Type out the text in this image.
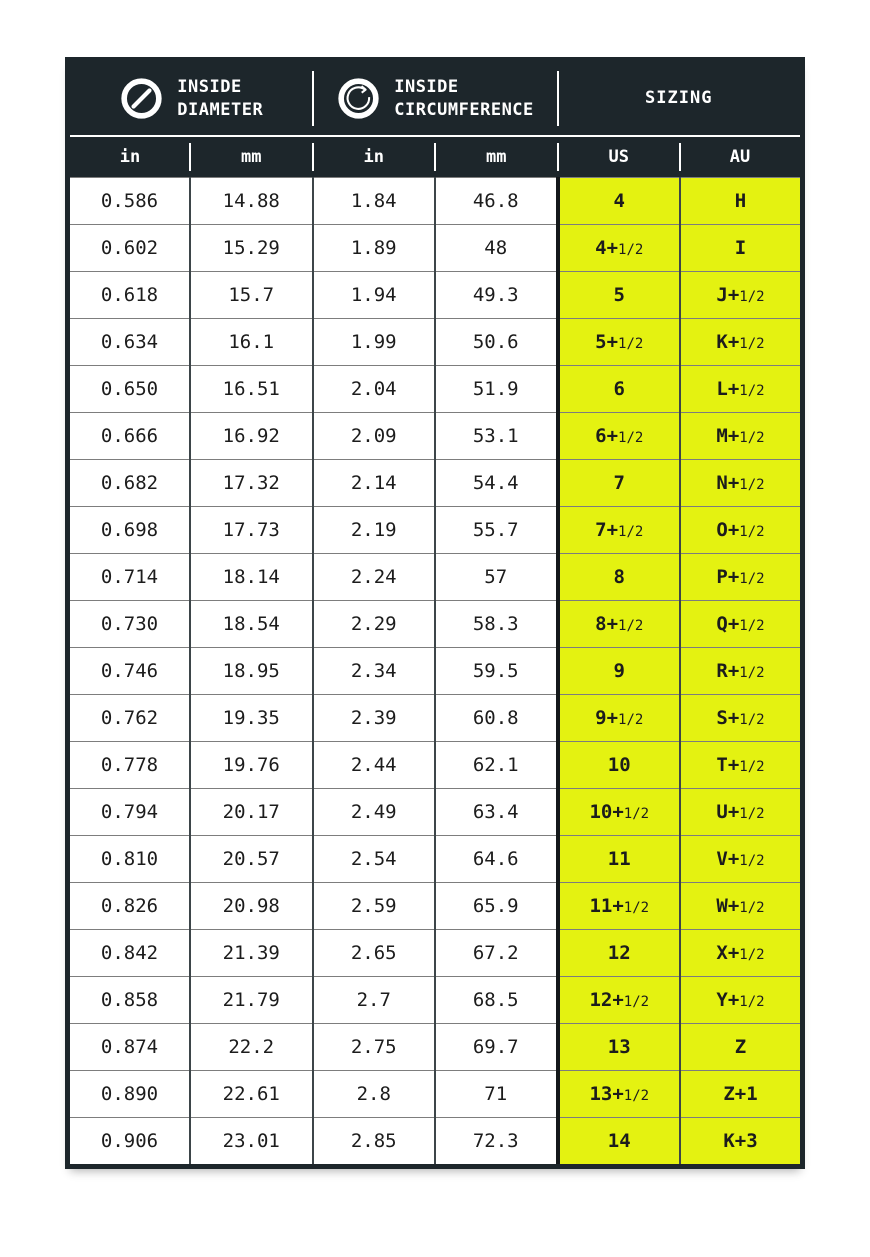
INSIDE
DIAMETER

INSIDE
CIRCUMFERENCE

SIZING

in	mm	in	mm	US	AU
0.586	14.88	1.84	46.8	4	H
0.602	15.29	1.89	48	4+1/2	I
0.618	15.7	1.94	49.3	5	J+1/2
0.634	16.1	1.99	50.6	5+1/2	K+1/2
0.650	16.51	2.04	51.9	6	L+1/2
0.666	16.92	2.09	53.1	6+1/2	M+1/2
0.682	17.32	2.14	54.4	7	N+1/2
0.698	17.73	2.19	55.7	7+1/2	O+1/2
0.714	18.14	2.24	57	8	P+1/2
0.730	18.54	2.29	58.3	8+1/2	Q+1/2
0.746	18.95	2.34	59.5	9	R+1/2
0.762	19.35	2.39	60.8	9+1/2	S+1/2
0.778	19.76	2.44	62.1	10	T+1/2
0.794	20.17	2.49	63.4	10+1/2	U+1/2
0.810	20.57	2.54	64.6	11	V+1/2
0.826	20.98	2.59	65.9	11+1/2	W+1/2
0.842	21.39	2.65	67.2	12	X+1/2
0.858	21.79	2.7	68.5	12+1/2	Y+1/2
0.874	22.2	2.75	69.7	13	Z
0.890	22.61	2.8	71	13+1/2	Z+1
0.906	23.01	2.85	72.3	14	K+3
